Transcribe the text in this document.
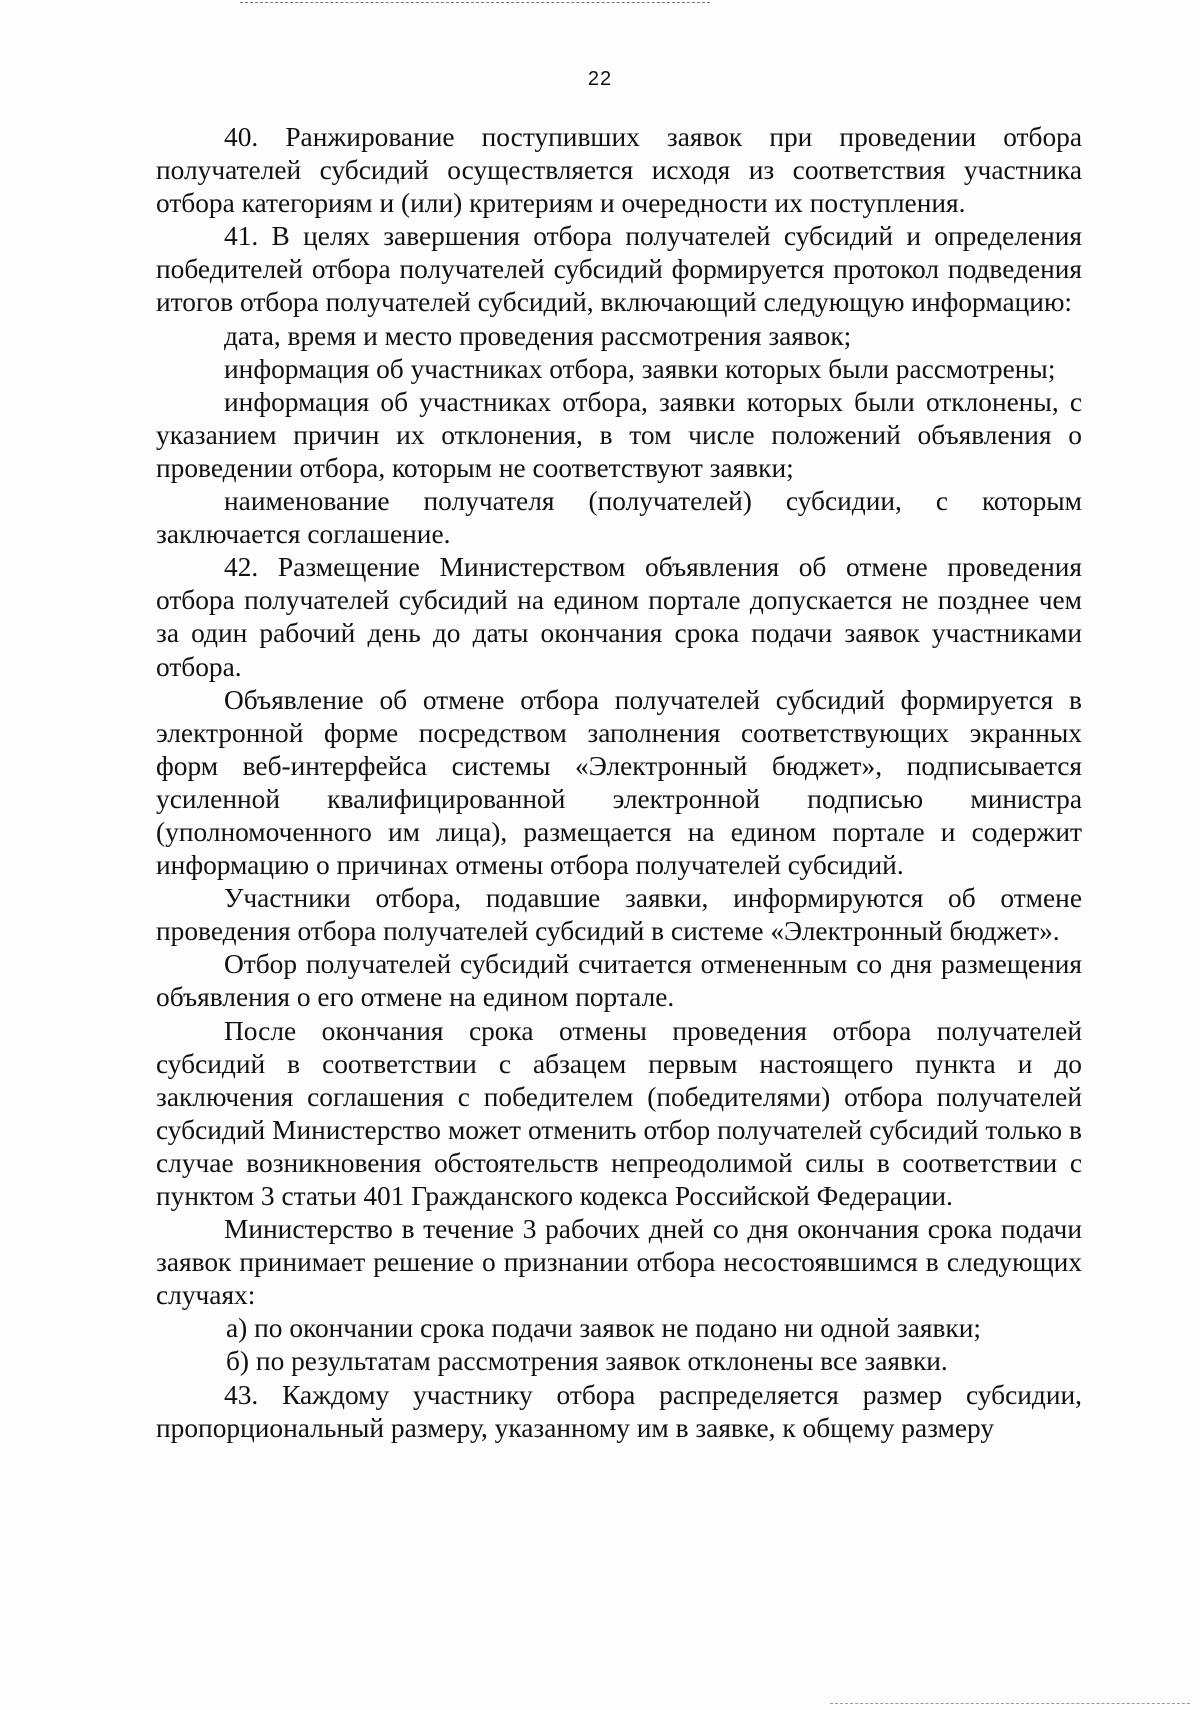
22

40. Ранжирование поступивших заявок при проведении отбора получателей субсидий осуществляется исходя из соответствия участника отбора категориям и (или) критериям и очередности их поступления.

41. В целях завершения отбора получателей субсидий и определения победителей отбора получателей субсидий формируется протокол подведения итогов отбора получателей субсидий, включающий следующую информацию:

дата, время и место проведения рассмотрения заявок;

информация об участниках отбора, заявки которых были рассмотрены;

информация об участниках отбора, заявки которых были отклонены, с указанием причин их отклонения, в том числе положений объявления о проведении отбора, которым не соответствуют заявки;

наименование получателя (получателей) субсидии, с которым заключается соглашение.

42. Размещение Министерством объявления об отмене проведения отбора получателей субсидий на едином портале допускается не позднее чем за один рабочий день до даты окончания срока подачи заявок участниками отбора.

Объявление об отмене отбора получателей субсидий формируется в электронной форме посредством заполнения соответствующих экранных форм веб-интерфейса системы «Электронный бюджет», подписывается усиленной квалифицированной электронной подписью министра (уполномоченного им лица), размещается на едином портале и содержит информацию о причинах отмены отбора получателей субсидий.

Участники отбора, подавшие заявки, информируются об отмене проведения отбора получателей субсидий в системе «Электронный бюджет».

Отбор получателей субсидий считается отмененным со дня размещения объявления о его отмене на едином портале.

После окончания срока отмены проведения отбора получателей субсидий в соответствии с абзацем первым настоящего пункта и до заключения соглашения с победителем (победителями) отбора получателей субсидий Министерство может отменить отбор получателей субсидий только в случае возникновения обстоятельств непреодолимой силы в соответствии с пунктом 3 статьи 401 Гражданского кодекса Российской Федерации.

Министерство в течение 3 рабочих дней со дня окончания срока подачи заявок принимает решение о признании отбора несостоявшимся в следующих случаях:

а) по окончании срока подачи заявок не подано ни одной заявки;

б) по результатам рассмотрения заявок отклонены все заявки.

43. Каждому участнику отбора распределяется размер субсидии, пропорциональный размеру, указанному им в заявке, к общему размеру
